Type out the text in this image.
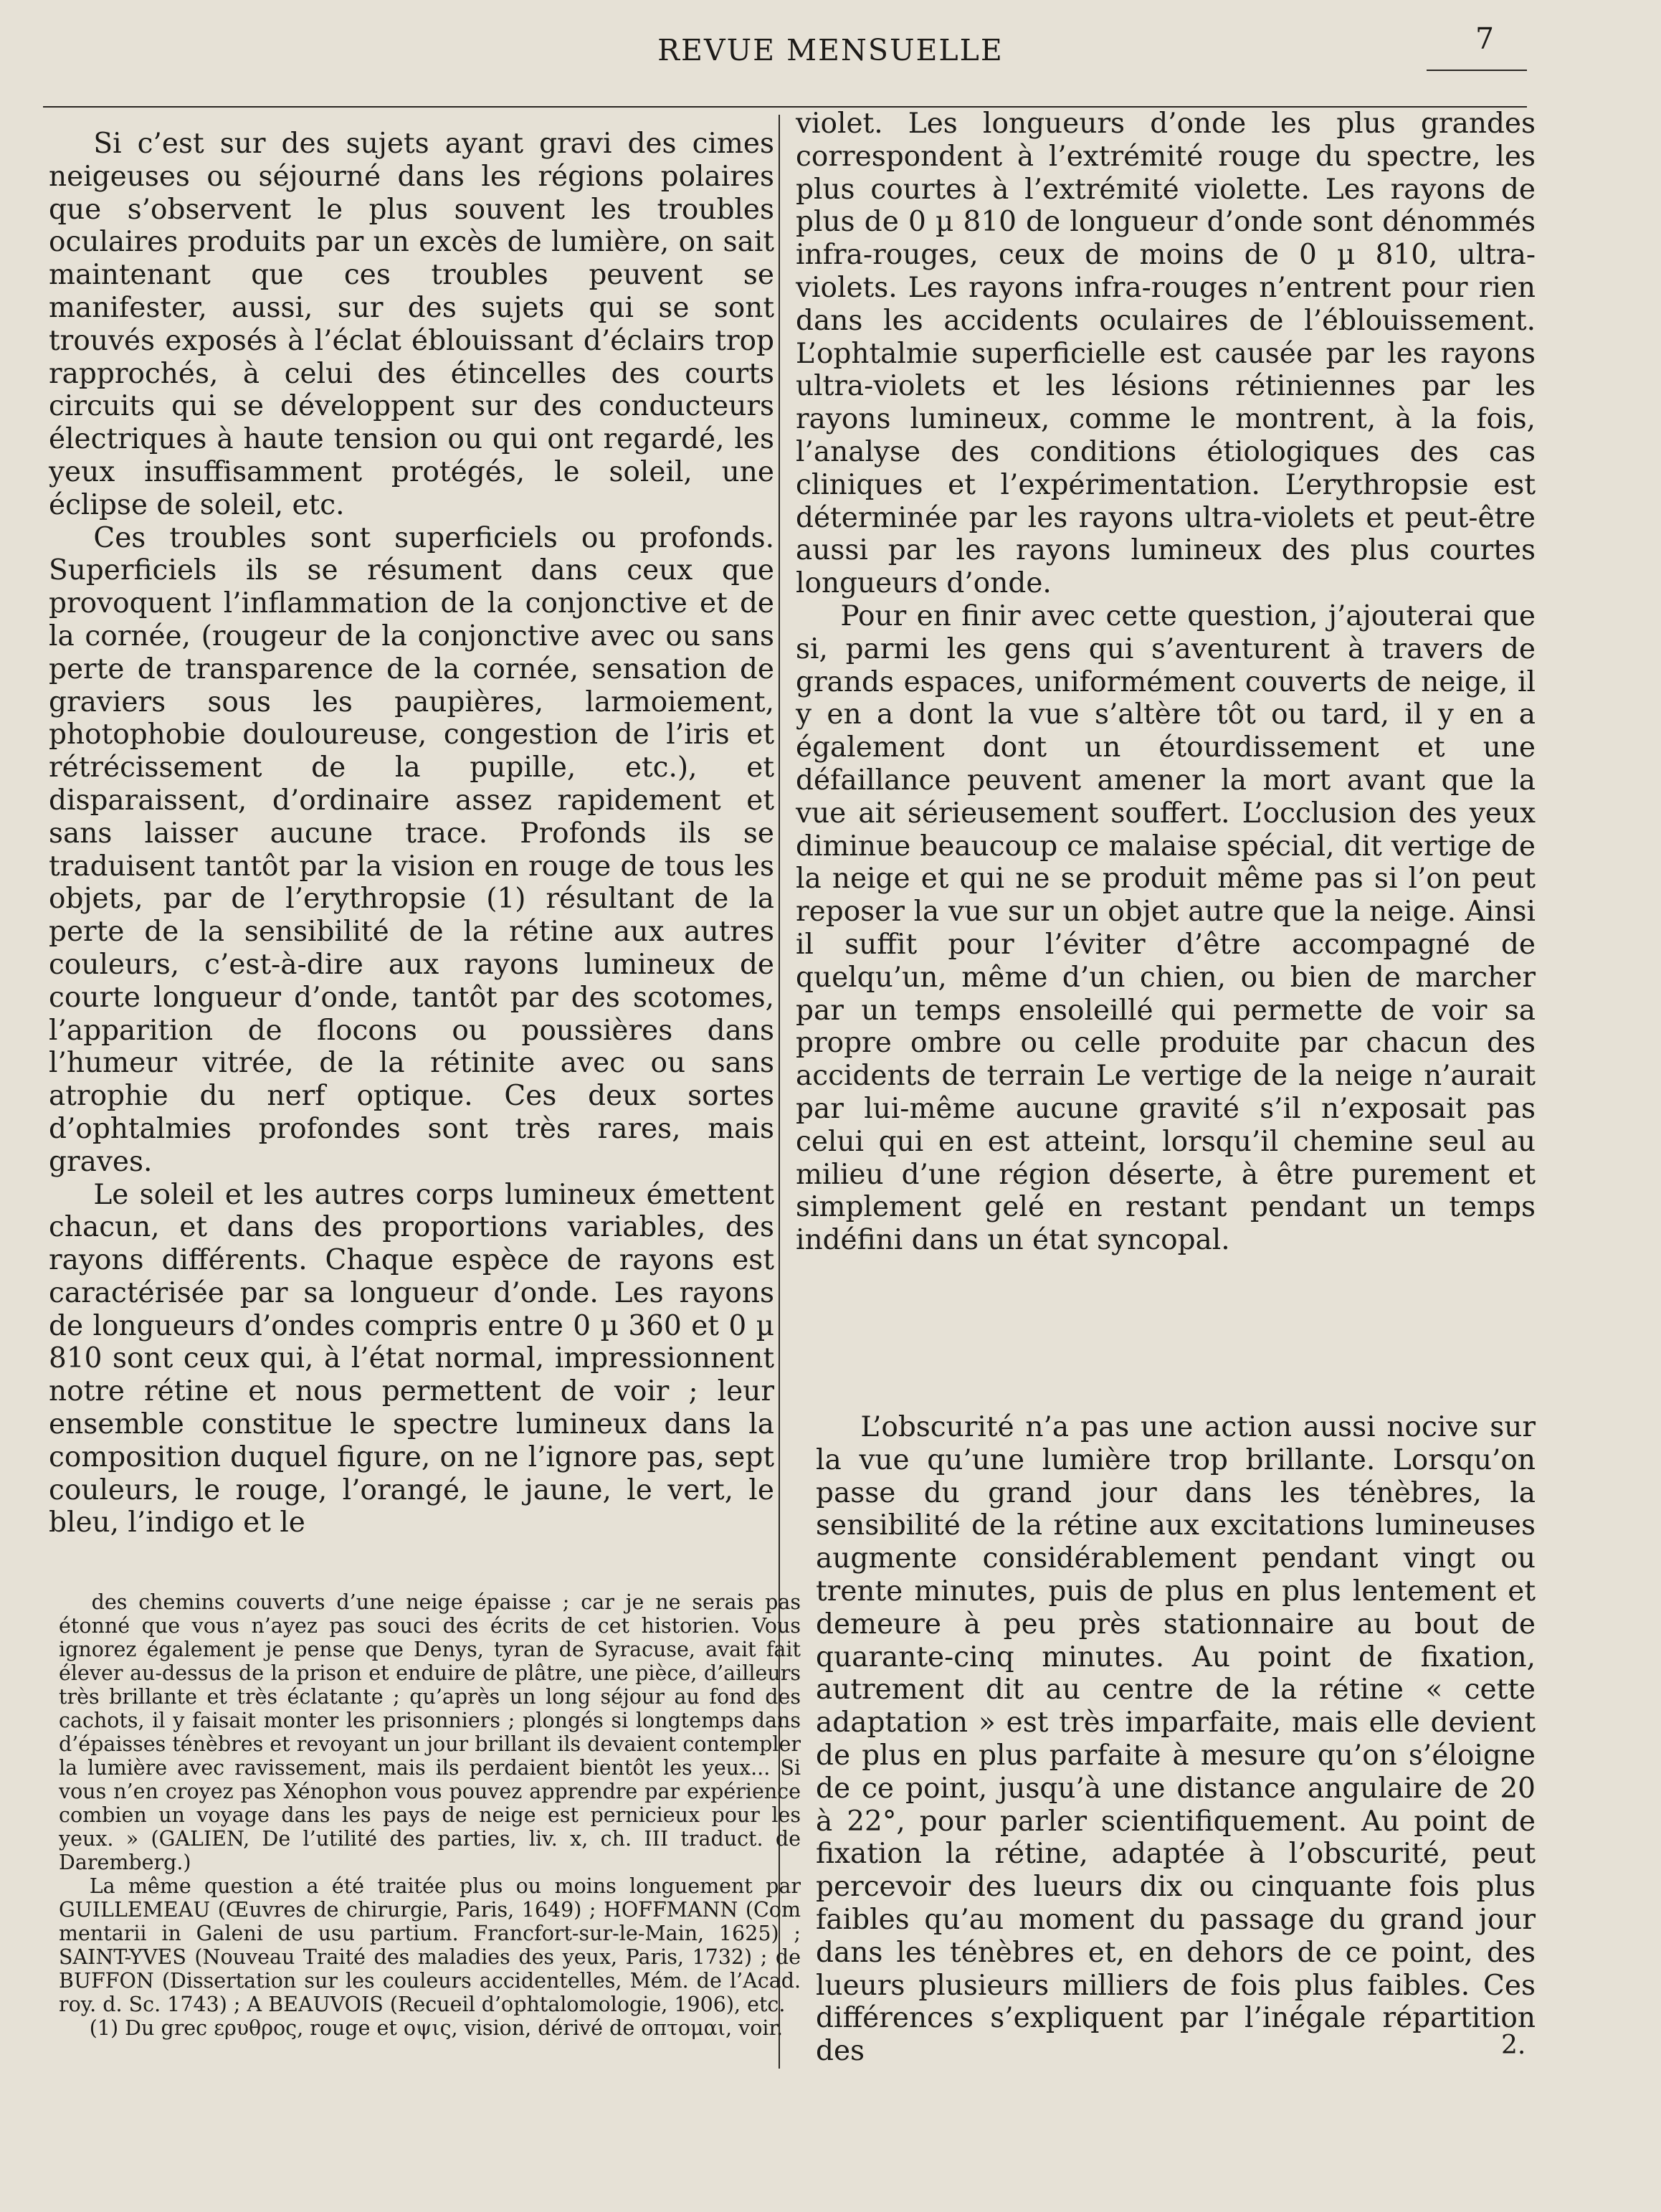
REVUE MENSUELLE	7

Si c’est sur des sujets ayant gravi des cimes neigeuses ou séjourné dans les régions polaires que s’observent le plus souvent les troubles oculaires produits par un excès de lumière, on sait maintenant que ces troubles peuvent se manifester, aussi, sur des sujets qui se sont trouvés exposés à l’éclat éblouissant d’éclairs trop rapprochés, à celui des étincelles des courts circuits qui se développent sur des conducteurs électriques à haute tension ou qui ont regardé, les yeux insuffisamment protégés, le soleil, une éclipse de soleil, etc.

Ces troubles sont superficiels ou profonds. Superficiels ils se résument dans ceux que provoquent l’inflammation de la conjonctive et de la cornée, (rougeur de la conjonctive avec ou sans perte de transparence de la cornée, sensation de graviers sous les paupières, larmoiement, photophobie douloureuse, congestion de l’iris et rétrécissement de la pupille, etc.), et disparaissent, d’ordinaire assez rapidement et sans laisser aucune trace. Profonds ils se traduisent tantôt par la vision en rouge de tous les objets, par de l’erythropsie (1) résultant de la perte de la sensibilité de la rétine aux autres couleurs, c’est-à-dire aux rayons lumineux de courte longueur d’onde, tantôt par des scotomes, l’apparition de flocons ou poussières dans l’humeur vitrée, de la rétinite avec ou sans atrophie du nerf optique. Ces deux sortes d’ophtalmies profondes sont très rares, mais graves.

Le soleil et les autres corps lumineux émettent chacun, et dans des proportions variables, des rayons différents. Chaque espèce de rayons est caractérisée par sa longueur d’onde. Les rayons de longueurs d’ondes compris entre 0 µ 360 et 0 µ 810 sont ceux qui, à l’état normal, impressionnent notre rétine et nous permettent de voir ; leur ensemble constitue le spectre lumineux dans la composition duquel figure, on ne l’ignore pas, sept couleurs, le rouge, l’orangé, le jaune, le vert, le bleu, l’indigo et le

des chemins couverts d’une neige épaisse ; car je ne serais pas étonné que vous n’ayez pas souci des écrits de cet historien. Vous ignorez également je pense que Denys, tyran de Syracuse, avait fait élever au-dessus de la prison et enduire de plâtre, une pièce, d’ailleurs très brillante et très éclatante ; qu’après un long séjour au fond des cachots, il y faisait monter les prisonniers ; plongés si longtemps dans d’épaisses ténèbres et revoyant un jour brillant ils devaient contempler la lumière avec ravissement, mais ils perdaient bientôt les yeux... Si vous n’en croyez pas Xénophon vous pouvez apprendre par expérience combien un voyage dans les pays de neige est pernicieux pour les yeux. » (GALIEN, De l’utilité des parties, liv. x, ch. III traduct. de Daremberg.)

La même question a été traitée plus ou moins longuement par GUILLEMEAU (Œuvres de chirurgie, Paris, 1649) ; HOFFMANN (Com mentarii in Galeni de usu partium. Francfort-sur-le-Main, 1625) ; SAINT-YVES (Nouveau Traité des maladies des yeux, Paris, 1732) ; de BUFFON (Dissertation sur les couleurs accidentelles, Mém. de l’Acad. roy. d. Sc. 1743) ; A BEAUVOIS (Recueil d’ophtalomologie, 1906), etc.

(1) Du grec ερυθρος, rouge et οψις, vision, dérivé de οπτομαι, voir.

violet. Les longueurs d’onde les plus grandes correspondent à l’extrémité rouge du spectre, les plus courtes à l’extrémité violette. Les rayons de plus de 0 µ 810 de longueur d’onde sont dénommés infra-rouges, ceux de moins de 0 µ 810, ultra-violets. Les rayons infra-rouges n’entrent pour rien dans les accidents oculaires de l’éblouissement. L’ophtalmie superficielle est causée par les rayons ultra-violets et les lésions rétiniennes par les rayons lumineux, comme le montrent, à la fois, l’analyse des conditions étiologiques des cas cliniques et l’expérimentation. L’erythropsie est déterminée par les rayons ultra-violets et peut-être aussi par les rayons lumineux des plus courtes longueurs d’onde.

Pour en finir avec cette question, j’ajouterai que si, parmi les gens qui s’aventurent à travers de grands espaces, uniformément couverts de neige, il y en a dont la vue s’altère tôt ou tard, il y en a également dont un étourdissement et une défaillance peuvent amener la mort avant que la vue ait sérieusement souffert. L’occlusion des yeux diminue beaucoup ce malaise spécial, dit vertige de la neige et qui ne se produit même pas si l’on peut reposer la vue sur un objet autre que la neige. Ainsi il suffit pour l’éviter d’être accompagné de quelqu’un, même d’un chien, ou bien de marcher par un temps ensoleillé qui permette de voir sa propre ombre ou celle produite par chacun des accidents de terrain Le vertige de la neige n’aurait par lui-même aucune gravité s’il n’exposait pas celui qui en est atteint, lorsqu’il chemine seul au milieu d’une région déserte, à être purement et simplement gelé en restant pendant un temps indéfini dans un état syncopal.

L’obscurité n’a pas une action aussi nocive sur la vue qu’une lumière trop brillante. Lorsqu’on passe du grand jour dans les ténèbres, la sensibilité de la rétine aux excitations lumineuses augmente considérablement pendant vingt ou trente minutes, puis de plus en plus lentement et demeure à peu près stationnaire au bout de quarante-cinq minutes. Au point de fixation, autrement dit au centre de la rétine « cette adaptation » est très imparfaite, mais elle devient de plus en plus parfaite à mesure qu’on s’éloigne de ce point, jusqu’à une distance angulaire de 20 à 22°, pour parler scientifiquement. Au point de fixation la rétine, adaptée à l’obscurité, peut percevoir des lueurs dix ou cinquante fois plus faibles qu’au moment du passage du grand jour dans les ténèbres et, en dehors de ce point, des lueurs plusieurs milliers de fois plus faibles. Ces différences s’expliquent par l’inégale répartition des	2.
